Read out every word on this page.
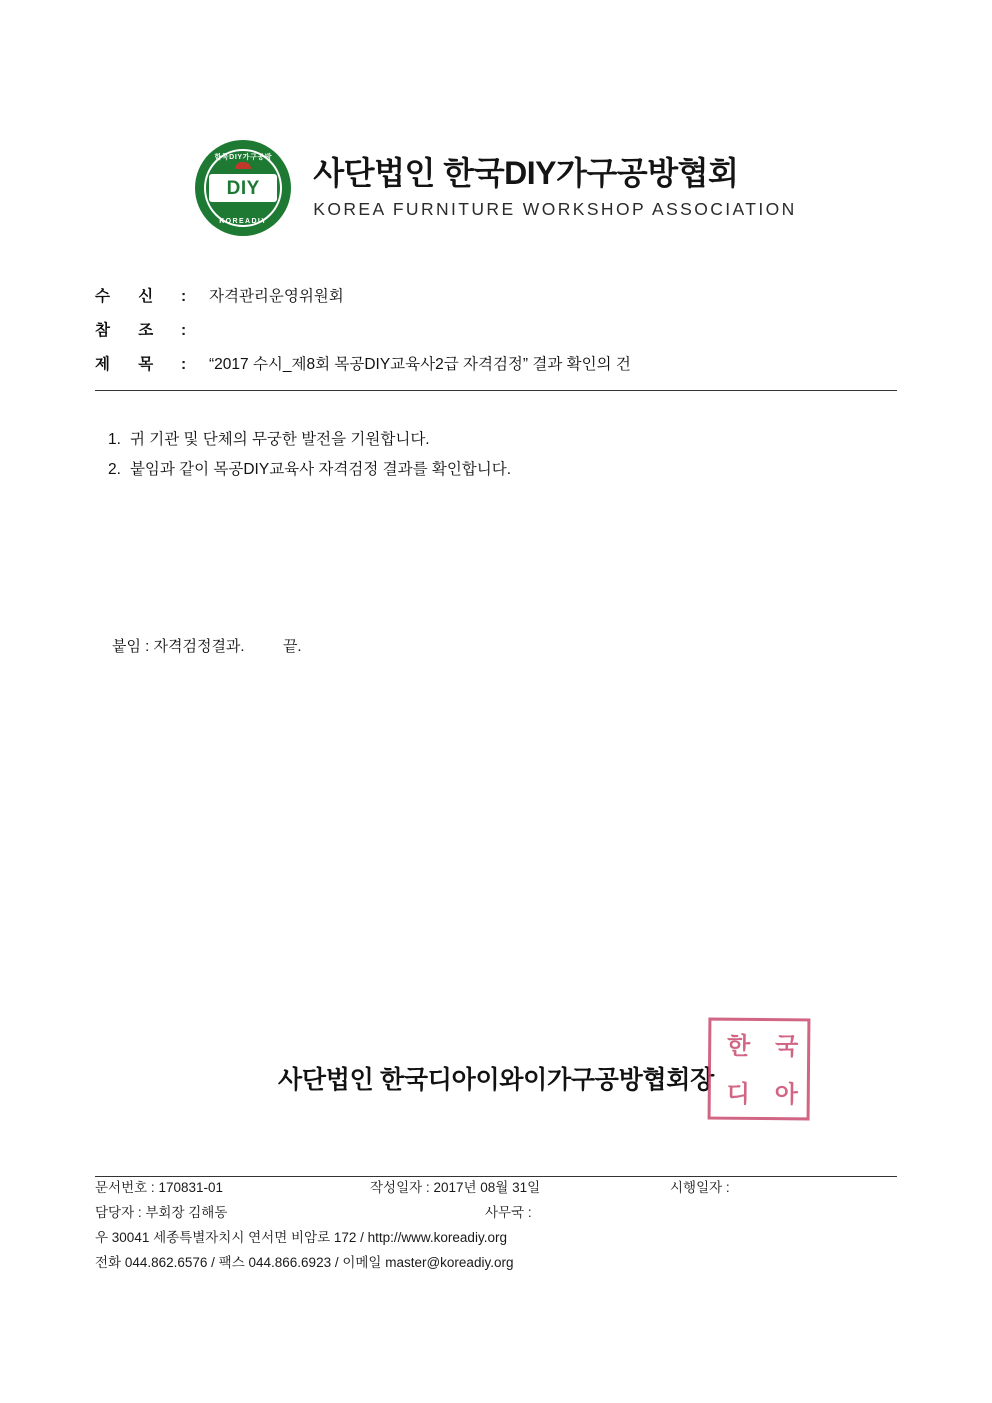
한국DIY가구공방
DIY
KOREADIY
사단법인 한국DIY가구공방협회
KOREA FURNITURE WORKSHOP ASSOCIATION
수 신	:	자격관리운영위원회
참 조	:
제 목	:	“2017 수시_제8회 목공DIY교육사2급 자격검정” 결과 확인의 건
1. 귀 기관 및 단체의 무궁한 발전을 기원합니다.
2. 붙임과 같이 목공DIY교육사 자격검정 결과를 확인합니다.
붙임 : 자격검정결과.	끝.
사단법인 한국디아이와이가구공방협회장
한 국
디 아
문서번호 : 170831-01	작성일자 : 2017년 08월 31일	시행일자 :
담당자 : 부회장 김해동	사무국 :
우 30041 세종특별자치시 연서면 비암로 172 / http://www.koreadiy.org
전화 044.862.6576 / 팩스 044.866.6923 / 이메일 master@koreadiy.org
